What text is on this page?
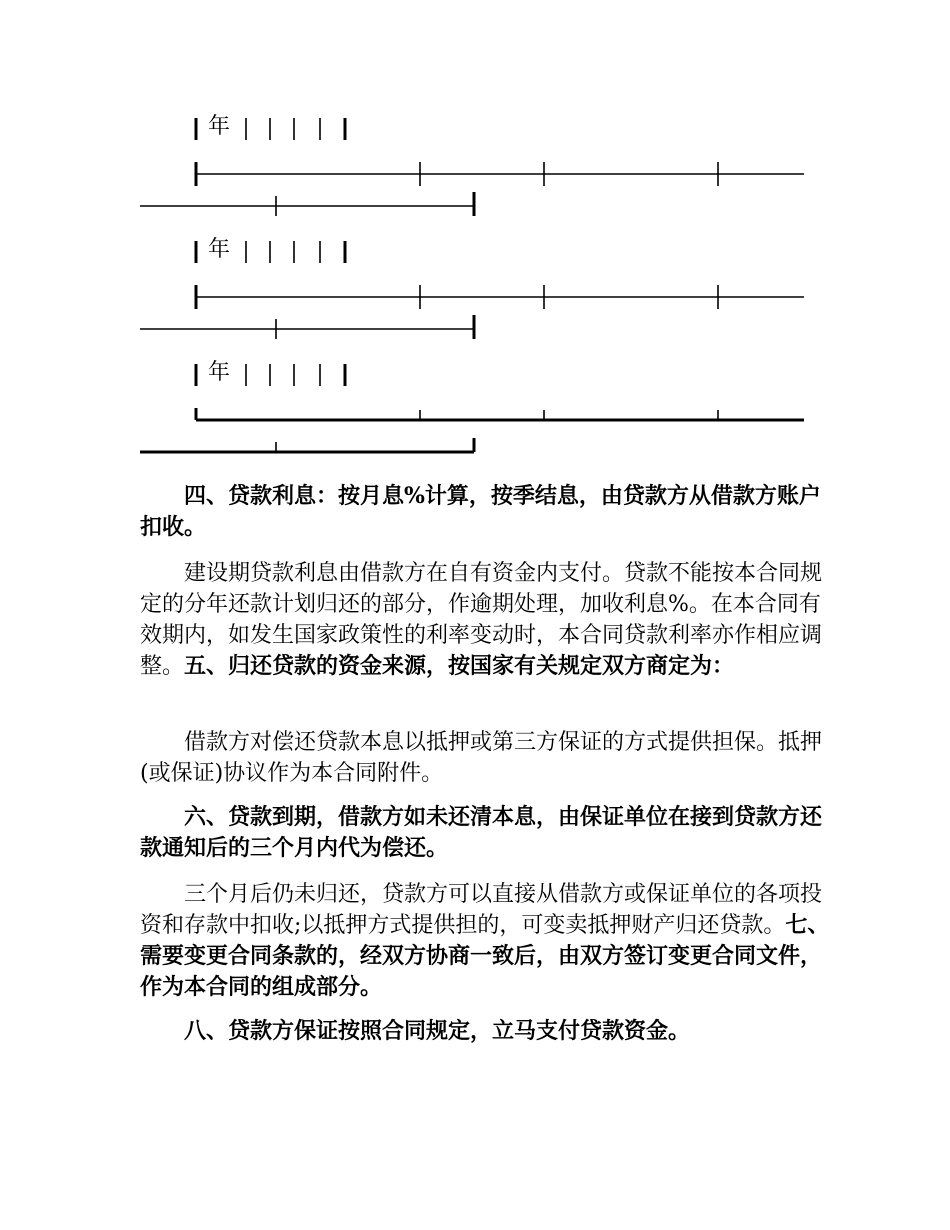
年
年
年

四、贷款利息：按月息%计算，按季结息，由贷款方从借款方账户扣收。

建设期贷款利息由借款方在自有资金内支付。贷款不能按本合同规定的分年还款计划归还的部分，作逾期处理，加收利息%。在本合同有效期内，如发生国家政策性的利率变动时，本合同贷款利率亦作相应调整。五、归还贷款的资金来源，按国家有关规定双方商定为：

借款方对偿还贷款本息以抵押或第三方保证的方式提供担保。抵押(或保证)协议作为本合同附件。

六、贷款到期，借款方如未还清本息，由保证单位在接到贷款方还款通知后的三个月内代为偿还。

三个月后仍未归还，贷款方可以直接从借款方或保证单位的各项投资和存款中扣收;以抵押方式提供担的，可变卖抵押财产归还贷款。七、需要变更合同条款的，经双方协商一致后，由双方签订变更合同文件，作为本合同的组成部分。

八、贷款方保证按照合同规定，立马支付贷款资金。
